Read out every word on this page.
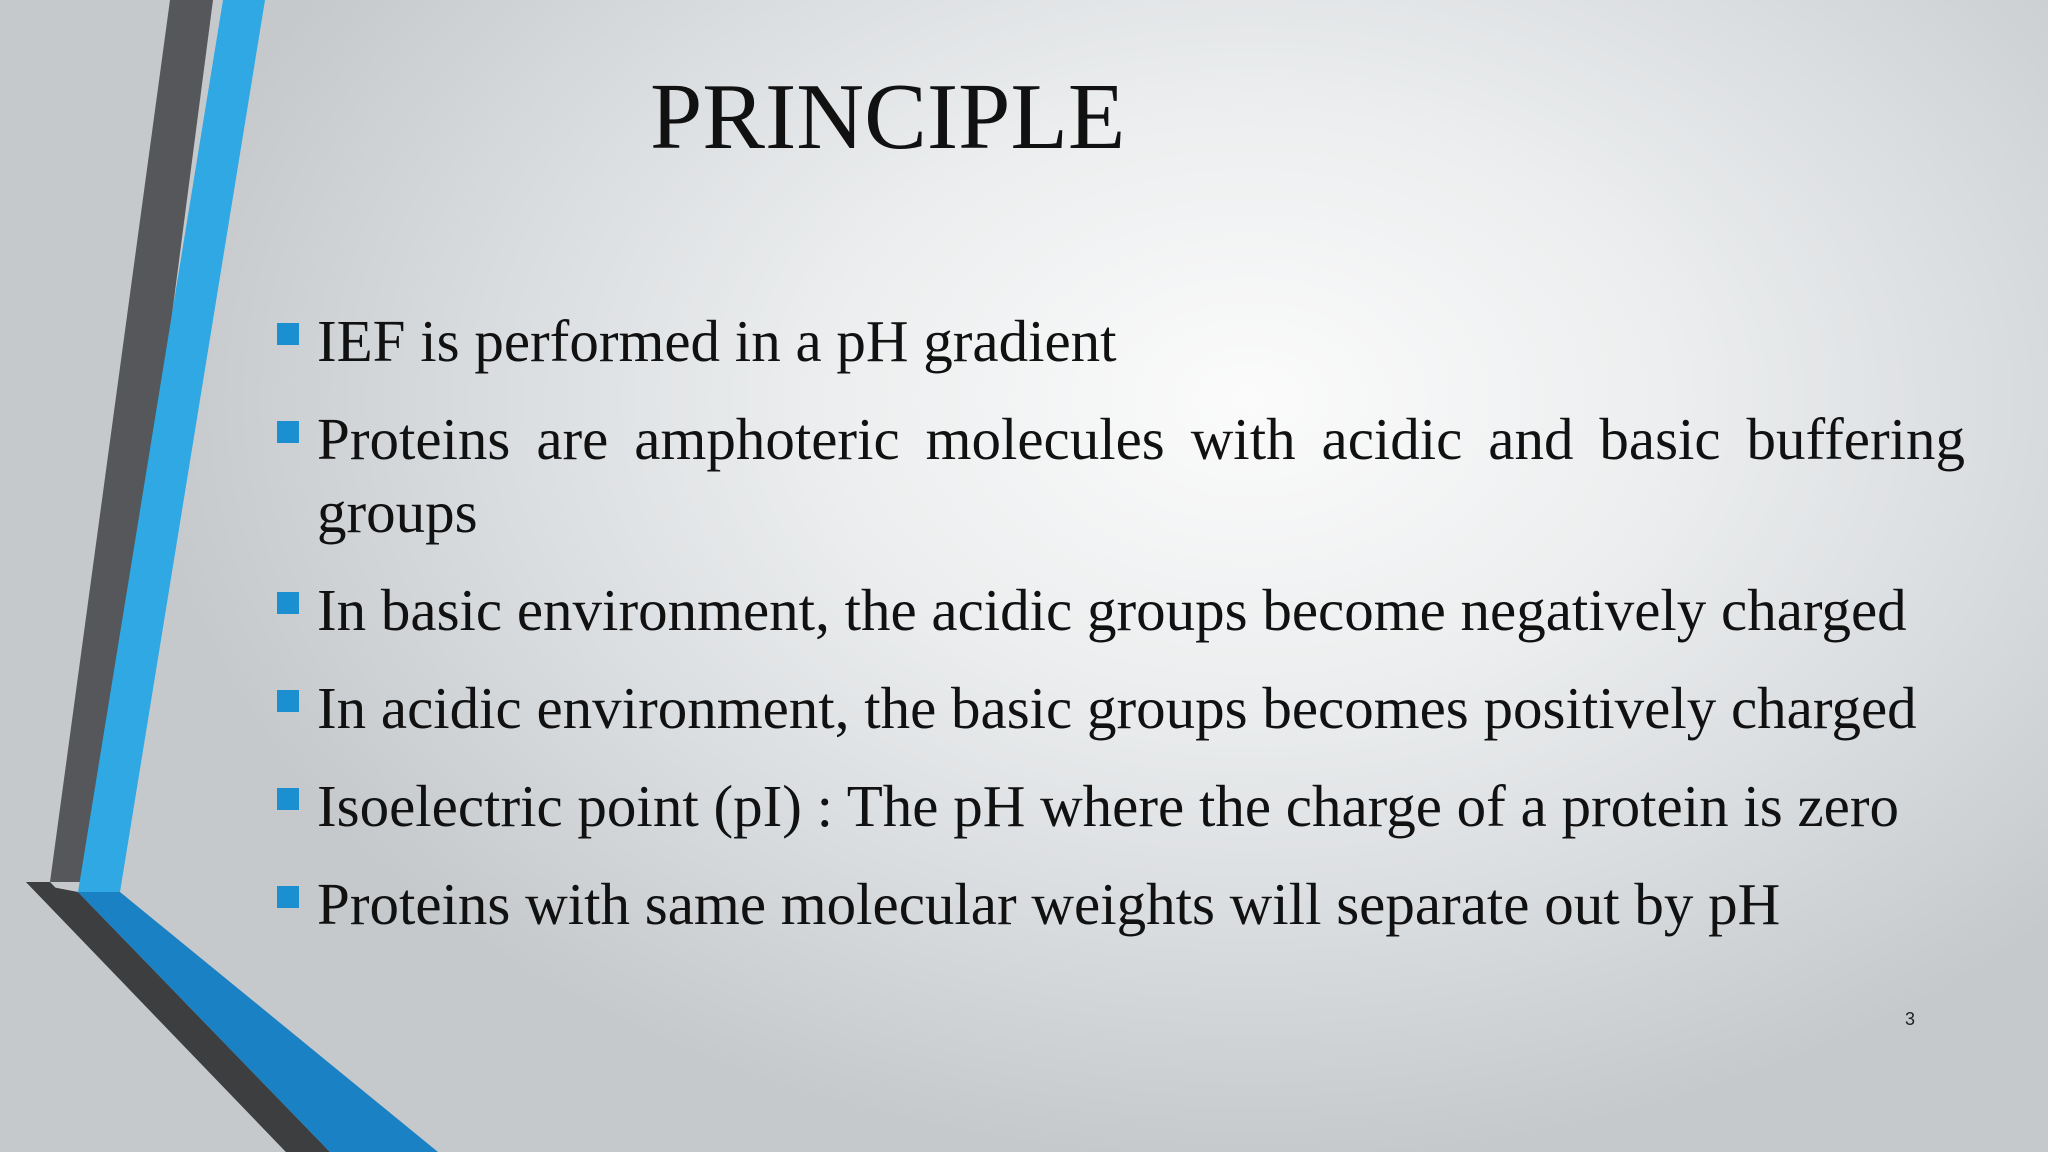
PRINCIPLE
IEF is performed in a pH gradient
Proteins are amphoteric molecules with acidic and basic buffering groups
In basic environment, the acidic groups become negatively charged
In acidic environment, the basic groups becomes positively charged
Isoelectric point (pI) : The pH where the charge of a protein is zero
Proteins with same molecular weights will separate out by pH
3
